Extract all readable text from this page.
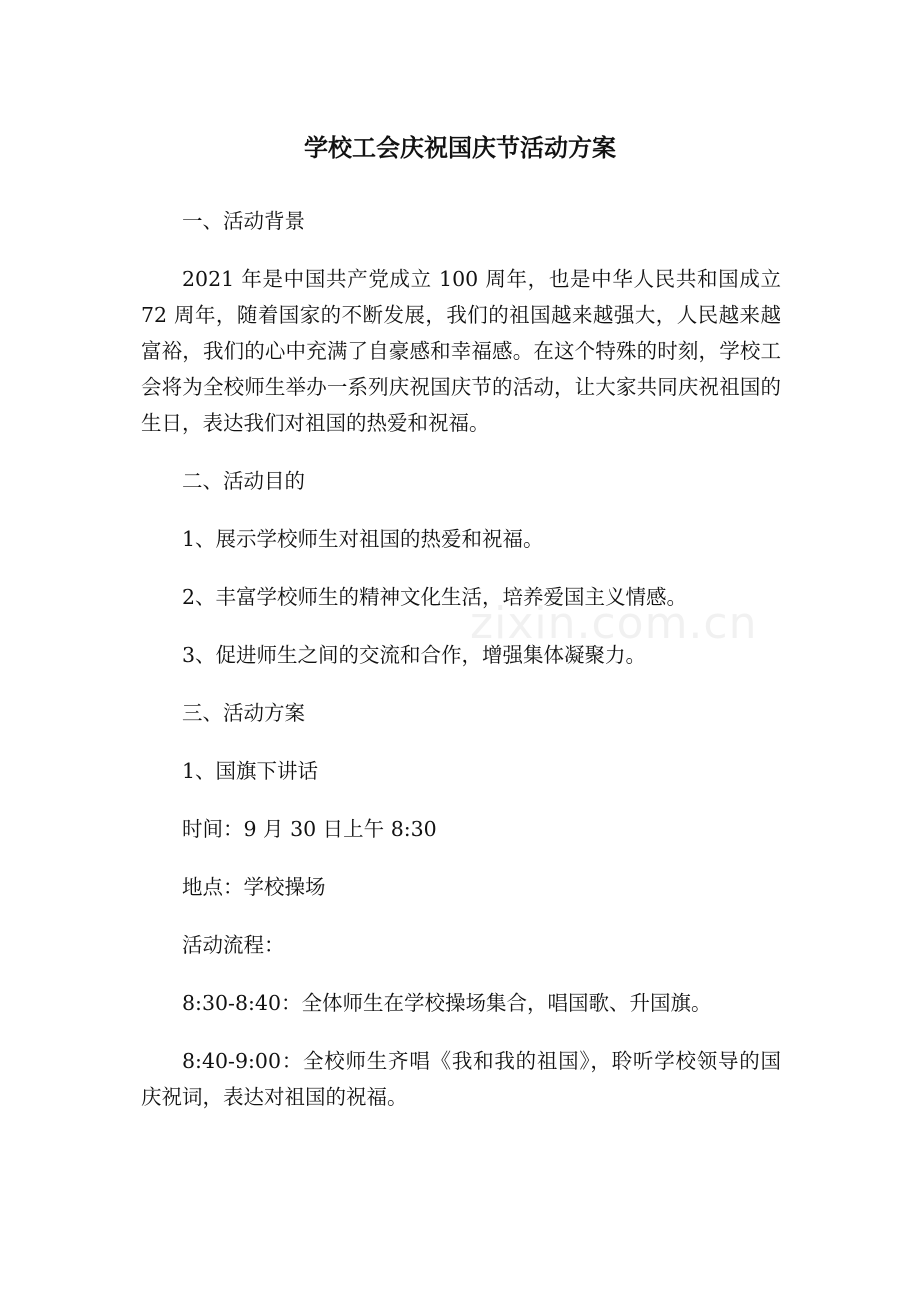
学校工会庆祝国庆节活动方案

一、活动背景

2021 年是中国共产党成立 100 周年，也是中华人民共和国成立 72 周年，随着国家的不断发展，我们的祖国越来越强大，人民越来越富裕，我们的心中充满了自豪感和幸福感。在这个特殊的时刻，学校工会将为全校师生举办一系列庆祝国庆节的活动，让大家共同庆祝祖国的生日，表达我们对祖国的热爱和祝福。

二、活动目的

1、展示学校师生对祖国的热爱和祝福。

2、丰富学校师生的精神文化生活，培养爱国主义情感。

3、促进师生之间的交流和合作，增强集体凝聚力。

三、活动方案

1、国旗下讲话

时间：9 月 30 日上午 8:30

地点：学校操场

活动流程：

8:30-8:40：全体师生在学校操场集合，唱国歌、升国旗。

8:40-9:00：全校师生齐唱《我和我的祖国》，聆听学校领导的国庆祝词，表达对祖国的祝福。

zixin.com.cn
